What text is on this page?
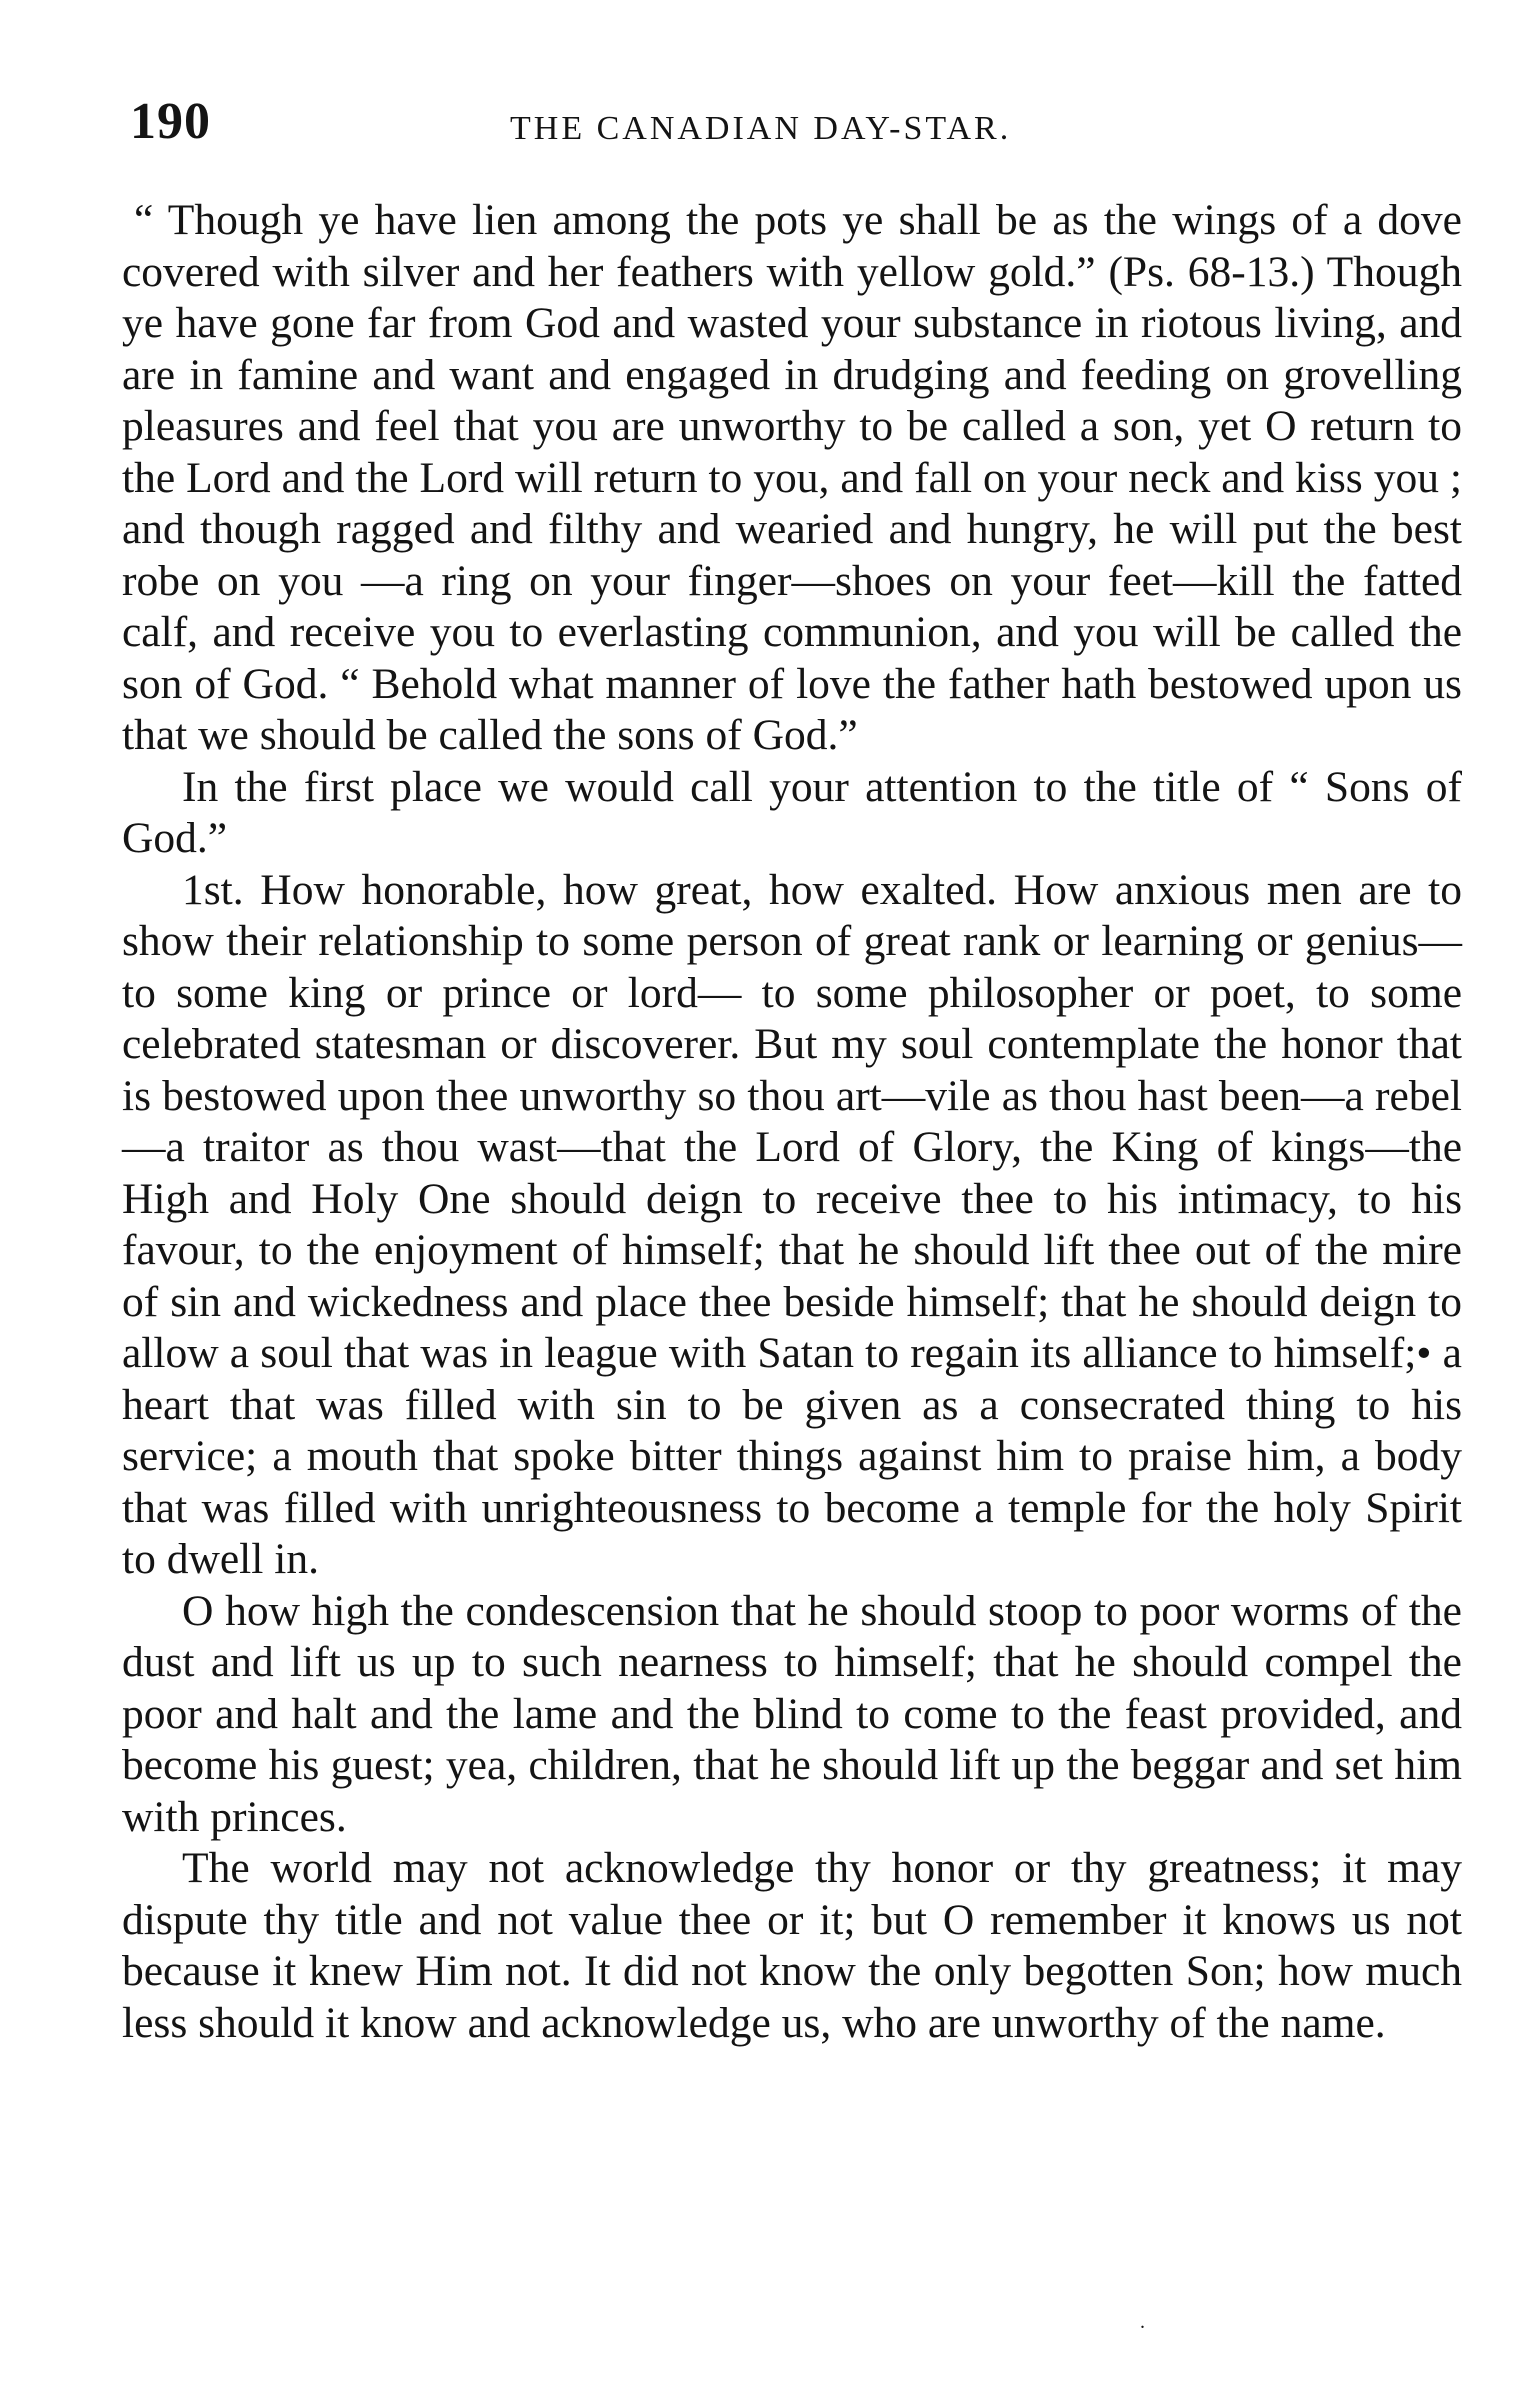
190	THE CANADIAN DAY-STAR.

“ Though ye have lien among the pots ye shall be as the wings of a dove covered with silver and her feathers with yellow gold.” (Ps. 68-13.) Though ye have gone far from God and wasted your substance in riotous living, and are in famine and want and engaged in drudging and feeding on grovelling pleasures and feel that you are unworthy to be called a son, yet O return to the Lord and the Lord will return to you, and fall on your neck and kiss you ; and though ragged and filthy and wearied and hungry, he will put the best robe on you —a ring on your finger—shoes on your feet—kill the fatted calf, and receive you to everlasting communion, and you will be called the son of God. “ Behold what manner of love the father hath bestowed upon us that we should be called the sons of God.”

In the first place we would call your attention to the title of “ Sons of God.”

1st. How honorable, how great, how exalted. How anxious men are to show their relationship to some person of great rank or learning or genius—to some king or prince or lord— to some philosopher or poet, to some celebrated statesman or discoverer. But my soul contemplate the honor that is bestowed upon thee unworthy so thou art—vile as thou hast been—a rebel—a traitor as thou wast—that the Lord of Glory, the King of kings—the High and Holy One should deign to receive thee to his intimacy, to his favour, to the enjoyment of himself; that he should lift thee out of the mire of sin and wickedness and place thee beside himself; that he should deign to allow a soul that was in league with Satan to regain its alliance to himself;• a heart that was filled with sin to be given as a consecrated thing to his service; a mouth that spoke bitter things against him to praise him, a body that was filled with unrighteousness to become a temple for the holy Spirit to dwell in.

O how high the condescension that he should stoop to poor worms of the dust and lift us up to such nearness to himself; that he should compel the poor and halt and the lame and the blind to come to the feast provided, and become his guest; yea, children, that he should lift up the beggar and set him with princes.

The world may not acknowledge thy honor or thy greatness; it may dispute thy title and not value thee or it; but O remember it knows us not because it knew Him not. It did not know the only begotten Son; how much less should it know and acknowledge us, who are unworthy of the name.

.
